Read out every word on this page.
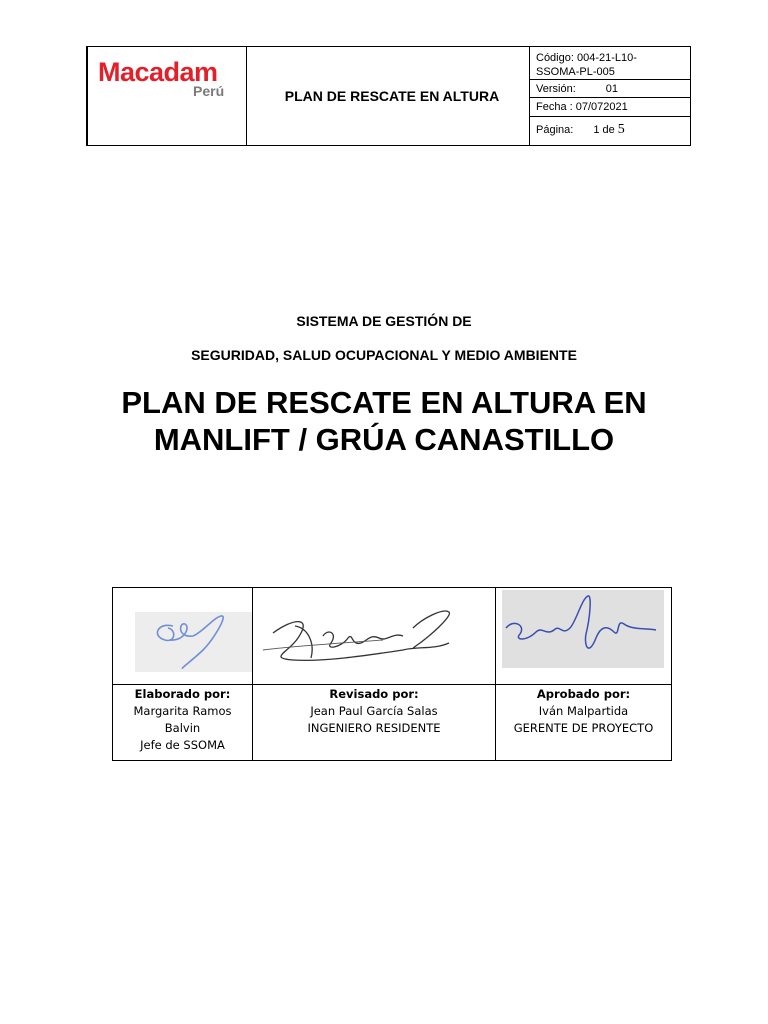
Macadam
Perú	PLAN DE RESCATE EN ALTURA
Código: 004-21-L10-
SSOMA-PL-005
Versión:	01
Fecha : 07/072021
Página: 1 de 5
SISTEMA DE GESTIÓN DE
SEGURIDAD, SALUD OCUPACIONAL Y MEDIO AMBIENTE
PLAN DE RESCATE EN ALTURA EN
MANLIFT / GRÚA CANASTILLO
Elaborado por:
Margarita Ramos
Balvin
Jefe de SSOMA
Revisado por:
Jean Paul García Salas
INGENIERO RESIDENTE
Aprobado por:
Iván Malpartida
GERENTE DE PROYECTO
